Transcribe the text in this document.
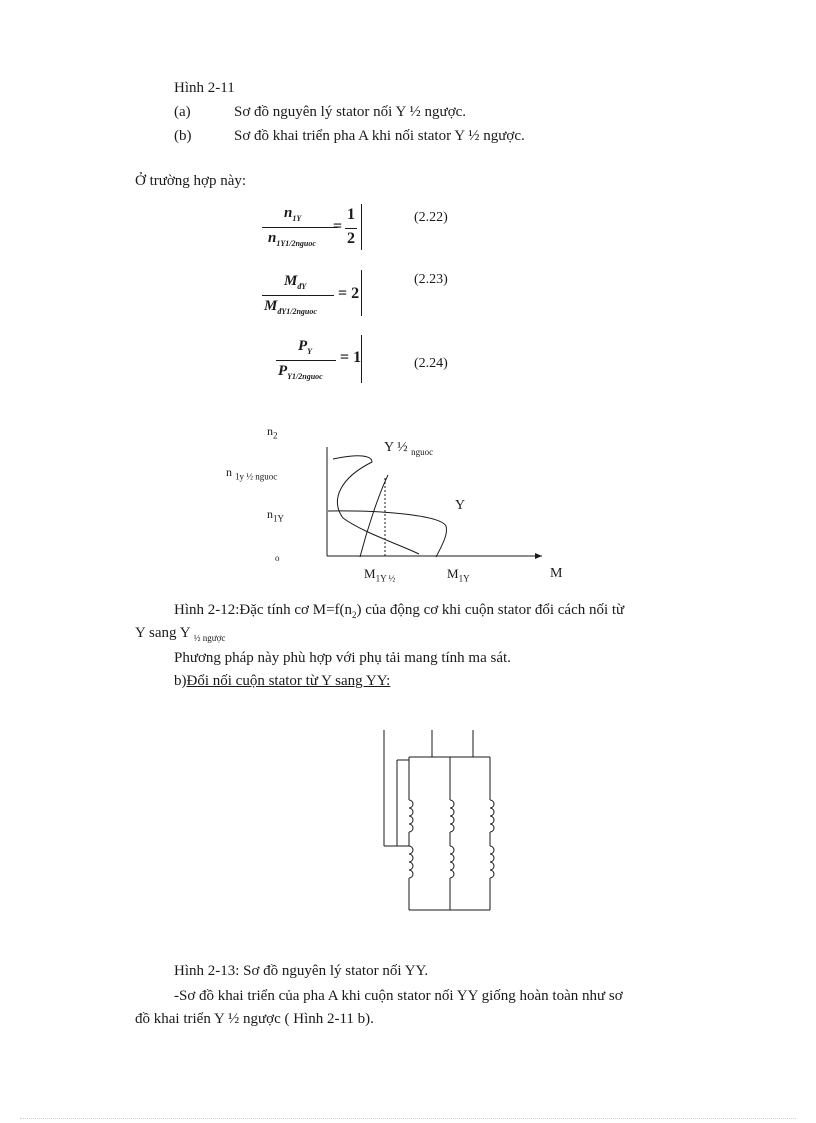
Hình 2-11
(a)	Sơ đồ nguyên lý stator nối Y ½ ngược.
(b)	Sơ đồ khai triển pha A khi nối stator Y ½ ngược.
Ở trường hợp này:
$n_{1Y}$
$n_{1Y1/2nguoc}$
=
1
2
(2.22)
$M_{đY}$
$M_{đY1/2nguoc}$
= 2
(2.23)
$P_Y$
$P_{Y1/2nguoc}$
= 1	(2.24)
$n_2$
n $_{1y \frac{1}{2} nguoc}$
$n_{1Y}$
o
Y ½ $_{nguoc}$
Y
$M_{1Y \frac{1}{2}}$	$M_{1Y}$	M
Hình 2-12:Đặc tính cơ $M=f(n_2)$ của động cơ khi cuộn stator đổi cách nối từ
Y sang Y $_{\frac{1}{2} ngược}$
Phương pháp này phù hợp với phụ tải mang tính ma sát.
b)Đổi nối cuộn stator từ Y sang YY:
Hình 2-13: Sơ đồ nguyên lý stator nối YY.
-Sơ đồ khai triển của pha A khi cuộn stator nối YY giống hoàn toàn như sơ
đồ khai triển Y ½ ngược ( Hình 2-11 b).
